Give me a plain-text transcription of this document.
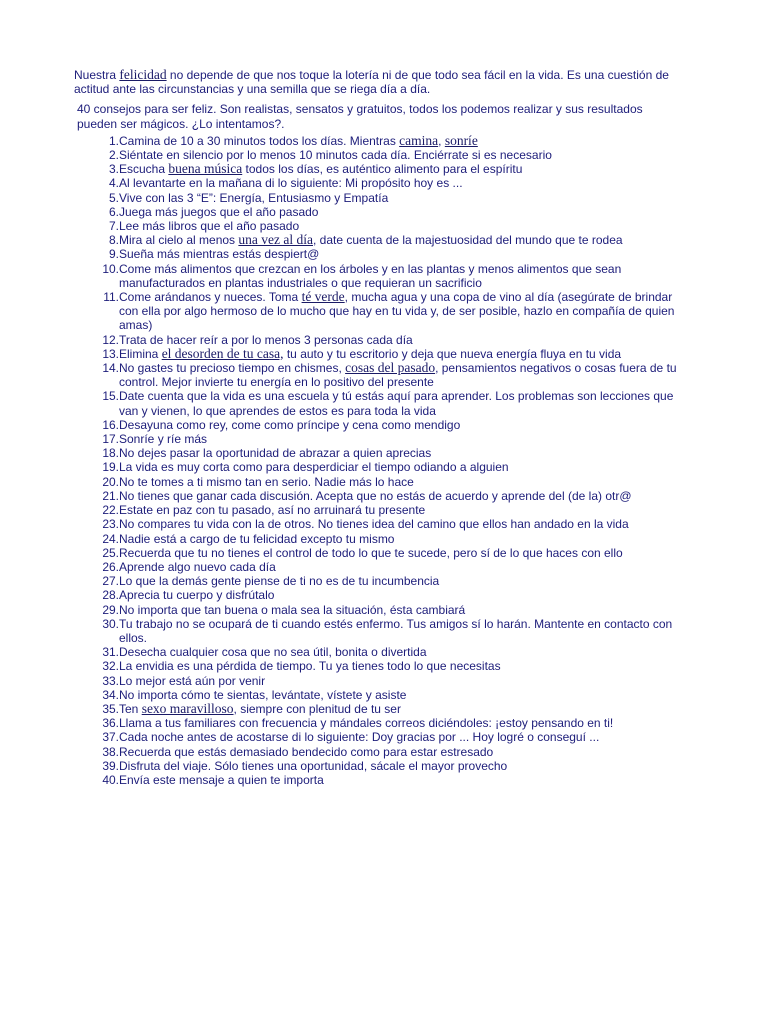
Nuestra felicidad no depende de que nos toque la lotería ni de que todo sea fácil en la vida. Es una cuestión de actitud ante las circunstancias y una semilla que se riega día a día.

40 consejos para ser feliz. Son realistas, sensatos y gratuitos, todos los podemos realizar y sus resultados pueden ser mágicos. ¿Lo intentamos?.

1. Camina de 10 a 30 minutos todos los días. Mientras camina, sonríe
2. Siéntate en silencio por lo menos 10 minutos cada día. Enciérrate si es necesario
3. Escucha buena música todos los días, es auténtico alimento para el espíritu
4. Al levantarte en la mañana di lo siguiente: Mi propósito hoy es ...
5. Vive con las 3 “E”: Energía, Entusiasmo y Empatía
6. Juega más juegos que el año pasado
7. Lee más libros que el año pasado
8. Mira al cielo al menos una vez al día, date cuenta de la majestuosidad del mundo que te rodea
9. Sueña más mientras estás despiert@
10. Come más alimentos que crezcan en los árboles y en las plantas y menos alimentos que sean manufacturados en plantas industriales o que requieran un sacrificio
11. Come arándanos y nueces. Toma té verde, mucha agua y una copa de vino al día (asegúrate de brindar con ella por algo hermoso de lo mucho que hay en tu vida y, de ser posible, hazlo en compañía de quien amas)
12. Trata de hacer reír a por lo menos 3 personas cada día
13. Elimina el desorden de tu casa, tu auto y tu escritorio y deja que nueva energía fluya en tu vida
14. No gastes tu precioso tiempo en chismes, cosas del pasado, pensamientos negativos o cosas fuera de tu control. Mejor invierte tu energía en lo positivo del presente
15. Date cuenta que la vida es una escuela y tú estás aquí para aprender. Los problemas son lecciones que van y vienen, lo que aprendes de estos es para toda la vida
16. Desayuna como rey, come como príncipe y cena como mendigo
17. Sonríe y ríe más
18. No dejes pasar la oportunidad de abrazar a quien aprecias
19. La vida es muy corta como para desperdiciar el tiempo odiando a alguien
20. No te tomes a ti mismo tan en serio. Nadie más lo hace
21. No tienes que ganar cada discusión. Acepta que no estás de acuerdo y aprende del (de la) otr@
22. Estate en paz con tu pasado, así no arruinará tu presente
23. No compares tu vida con la de otros. No tienes idea del camino que ellos han andado en la vida
24. Nadie está a cargo de tu felicidad excepto tu mismo
25. Recuerda que tu no tienes el control de todo lo que te sucede, pero sí de lo que haces con ello
26. Aprende algo nuevo cada día
27. Lo que la demás gente piense de ti no es de tu incumbencia
28. Aprecia tu cuerpo y disfrútalo
29. No importa que tan buena o mala sea la situación, ésta cambiará
30. Tu trabajo no se ocupará de ti cuando estés enfermo. Tus amigos sí lo harán. Mantente en contacto con ellos.
31. Desecha cualquier cosa que no sea útil, bonita o divertida
32. La envidia es una pérdida de tiempo. Tu ya tienes todo lo que necesitas
33. Lo mejor está aún por venir
34. No importa cómo te sientas, levántate, vístete y asiste
35. Ten sexo maravilloso, siempre con plenitud de tu ser
36. Llama a tus familiares con frecuencia y mándales correos diciéndoles: ¡estoy pensando en ti!
37. Cada noche antes de acostarse di lo siguiente: Doy gracias por ... Hoy logré o conseguí ...
38. Recuerda que estás demasiado bendecido como para estar estresado
39. Disfruta del viaje. Sólo tienes una oportunidad, sácale el mayor provecho
40. Envía este mensaje a quien te importa
